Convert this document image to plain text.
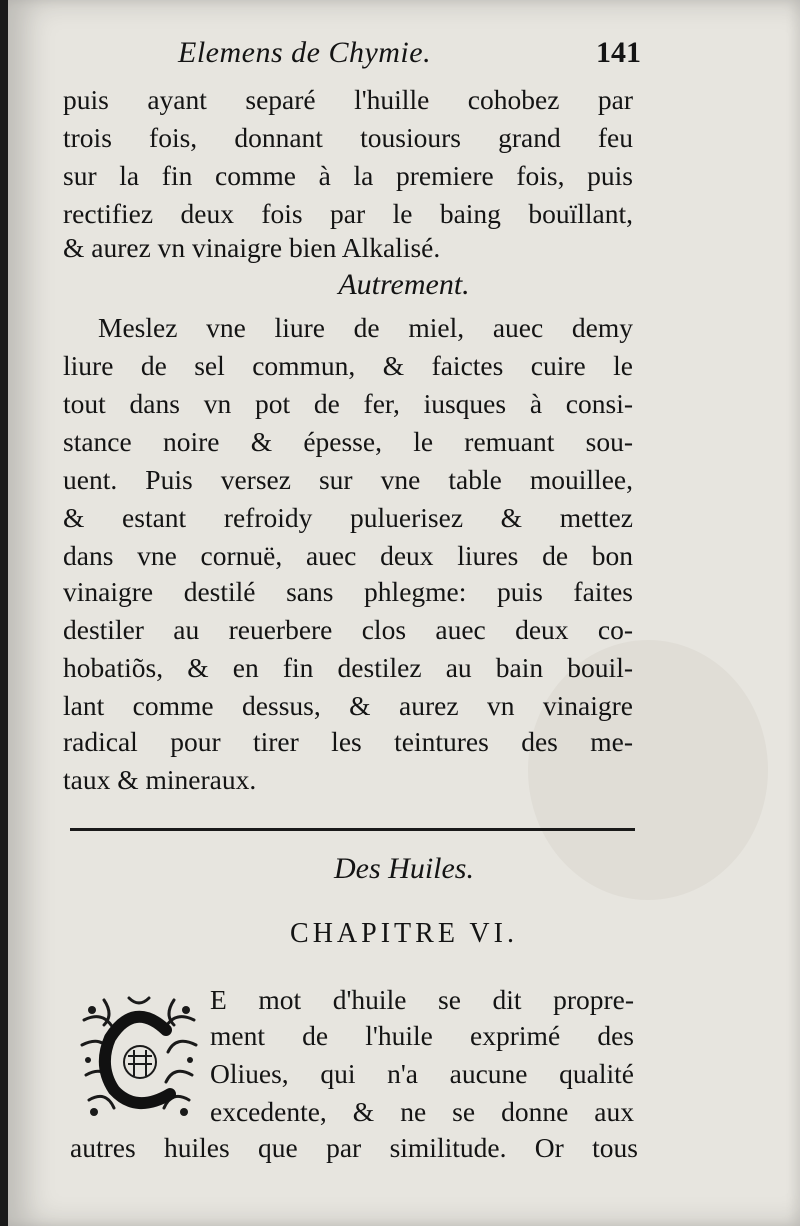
Elemens de Chymie.	141
puis ayant separé l'huille cohobez par
trois fois, donnant tousiours grand feu
sur la fin comme à la premiere fois, puis
rectifiez deux fois par le baing bouïllant,
& aurez vn vinaigre bien Alkalisé.
Autrement.
Meslez vne liure de miel, auec demy
liure de sel commun, & faictes cuire le
tout dans vn pot de fer, iusques à consi-
stance noire & épesse, le remuant sou-
uent. Puis versez sur vne table mouillee,
& estant refroidy puluerisez & mettez
dans vne cornuë, auec deux liures de bon
vinaigre destilé sans phlegme: puis faites
destiler au reuerbere clos auec deux co-
hobatiõs, & en fin destilez au bain bouil-
lant comme dessus, & aurez vn vinaigre
radical pour tirer les teintures des me-
taux & mineraux.
Des Huiles.
CHAPITRE VI.
E mot d'huile se dit propre-
ment de l'huile exprimé des
Oliues, qui n'a aucune qualité
excedente, & ne se donne aux
autres huiles que par similitude. Or tous
